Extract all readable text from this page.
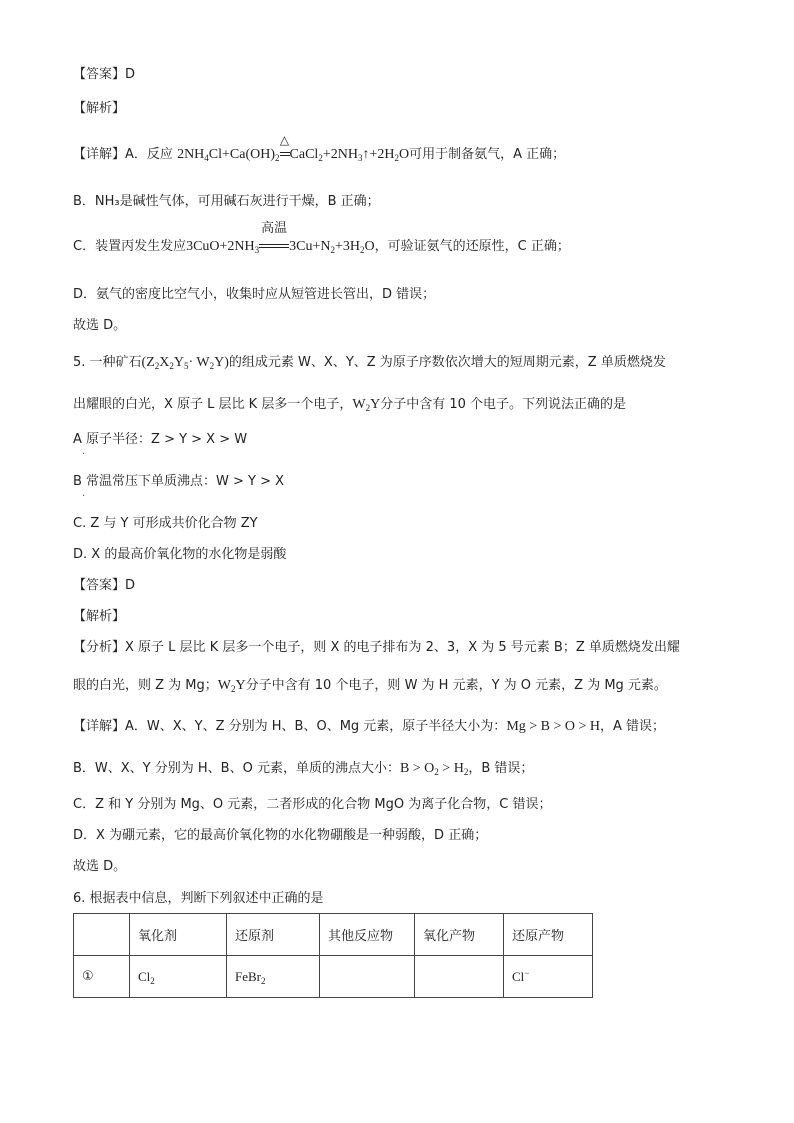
【答案】D
【解析】
【详解】A．反应 $2NH_4Cl+Ca(OH)_2$
△
$CaCl_2+2NH_3↑+2H_2O$可用于制备氨气，A 正确；
B．NH₃是碱性气体，可用碱石灰进行干燥，B 正确；
C．装置丙发生发应$3CuO+2NH_3$
高温
$3Cu+N_2+3H_2O$，可验证氨气的还原性，C 正确；
D．氨气的密度比空气小，收集时应从短管进长管出，D 错误；
故选 D。
5. 一种矿石$(Z_2X_2Y_5\cdot W_2Y)$的组成元素 W、X、Y、Z 为原子序数依次增大的短周期元素，Z 单质燃烧发
出耀眼的白光，X 原子 L 层比 K 层多一个电子，$W_2Y$分子中含有 10 个电子。下列说法正确的是
A 原子半径：Z > Y > X > W
.
B 常温常压下单质沸点：W > Y > X
.
C. Z 与 Y 可形成共价化合物 ZY
D. X 的最高价氧化物的水化物是弱酸
【答案】D
【解析】
【分析】X 原子 L 层比 K 层多一个电子，则 X 的电子排布为 2、3，X 为 5 号元素 B；Z 单质燃烧发出耀
眼的白光，则 Z 为 Mg；$W_2Y$分子中含有 10 个电子，则 W 为 H 元素，Y 为 O 元素，Z 为 Mg 元素。
【详解】A．W、X、Y、Z 分别为 H、B、O、Mg 元素，原子半径大小为：Mg > B > O > H，A 错误；
B．W、X、Y 分别为 H、B、O 元素，单质的沸点大小：$B > O_2 > H_2$，B 错误；
C．Z 和 Y 分别为 Mg、O 元素，二者形成的化合物 MgO 为离子化合物，C 错误；
D．X 为硼元素，它的最高价氧化物的水化物硼酸是一种弱酸，D 正确；
故选 D。
6. 根据表中信息，判断下列叙述中正确的是
	氧化剂	还原剂	其他反应物	氧化产物	还原产物
①	$Cl_2$	FeBr$_2$			Cl−
